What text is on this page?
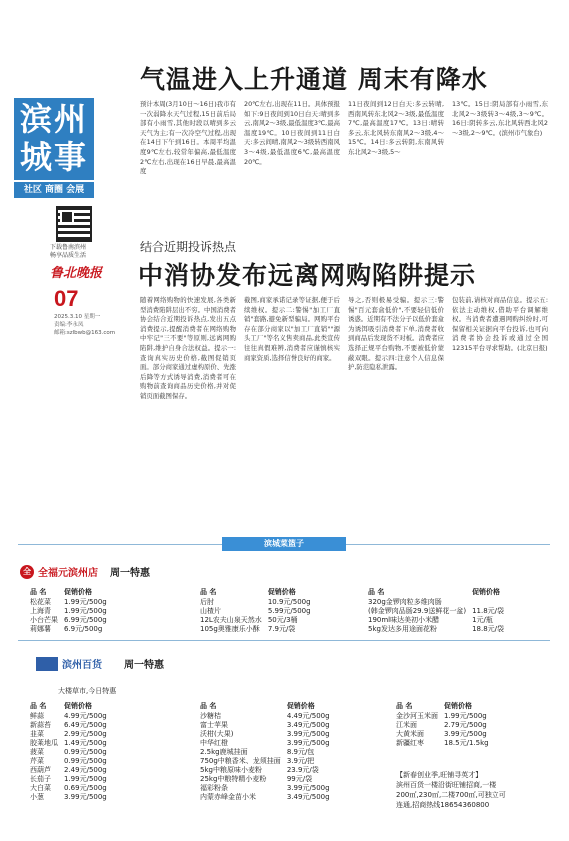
滨州
城事
社区 商圈 会展
下载鲁南滨州
畅享品质生活
鲁北晚报
07
2025.3.10 星期一
责编:李永凤
邮箱:szlbwb@163.com
气温进入上升通道 周末有降水
预计本周(3月10日～16日)我市有一次弱降水天气过程,15日前后局部有小雨雪,其他时段以晴到多云天气为主;有一次冷空气过程,出现在14日下午到16日。本周平均温度9℃左右,较常年偏高,最低温度2℃左右,出现在16日早晨,最高温度
20℃左右,出现在11日。具体预报如下:9日夜间到10日白天:晴到多云,南风2～3级,最低温度3℃,最高温度19℃。10日夜间到11日白天:多云间晴,南风2～3级转西南风3～4级,最低温度6℃,最高温度20℃。
11日夜间到12日白天:多云转晴,西南风转东北风2～3级,最低温度7℃,最高温度17℃。13日:晴转多云,东北风转东南风2～3级,4～15℃。14日:多云转阴,东南风转东北风2～3级,5～
13℃。15日:阴局部有小雨雪,东北风2～3级转3～4级,3～9℃。16日:阴转多云,东北风转西北风2～3级,2～9℃。(滨州市气象台)
结合近期投诉热点
中消协发布远离网购陷阱提示
随着网络购物的快速发展,各类新型消费陷阱层出不穷。中国消费者协会结合近期投诉热点,发出五点消费提示,提醒消费者在网络购物中牢记"三不要"等原则,远离网购陷阱,维护自身合法权益。提示一:查询真实历史价格,截图促销页面。部分商家通过虚构原价、先涨后降等方式诱导消费,消费者可在购物前查询商品历史价格,并对促销页面截图保存。
截图,商家承诺记录等证据,便于后续维权。提示二:警惕"加工厂直销"套路,避免新型骗局。网购平台存在部分商家以"加工厂直销""源头工厂"等名义售卖商品,此类宣传往往真假难辨,消费者应谨慎核实商家资质,选择信誉良好的商家。
导之,否则极易受骗。提示三:警惕"百元套盒低价",不要轻信低价诱惑。近期有不法分子以低价套盒为诱饵吸引消费者下单,消费者收到商品后发现货不对板。消费者应选择正规平台购物,不要被低价蒙蔽双眼。提示四:注意个人信息保护,防范隐私泄露。
包装前,请核对商品信息。提示五:依法主动维权,借助平台调解维权。当消费者遭遇网购纠纷时,可保留相关证据向平台投诉,也可向消费者协会投诉或通过全国12315平台寻求帮助。(北京日报)
滨城菜篮子
全 全福元滨州店 周一特惠
品 名	促销价格
松花菜	1.99元/500g
上海青	1.99元/500g
小台芒果	6.99元/500g
莉娜薯	6.9元/500g
品 名	促销价格
后肘	10.9元/500g
山楂片	5.99元/500g
12L农夫山泉天然水	50元/3桶
105g奥雅康乐小酥	7.9元/袋
品 名	促销价格
320g金锣肉粒多维肉肠	
(韩金锣肉品肠29.9送鲜花一盆)	11.8元/袋
190ml味达美初小米醋	1元/瓶
5kg发达多用途面花粉	18.8元/袋
滨州百货 周一特惠
大楼草市,今日特惠
品 名	促销价格
鲜蒜	4.99元/500g
新蒜苔	6.49元/500g
韭菜	2.99元/500g
胶莱地瓜	1.49元/500g
菠菜	0.99元/500g
芹菜	0.99元/500g
西葫芦	2.49元/500g
长茄子	1.99元/500g
大白菜	0.69元/500g
小葱	3.99元/500g
品 名	促销价格
沙糖桔	4.49元/500g
富士苹果	3.49元/500g
沃柑(大果)	3.99元/500g
中华红橙	3.99元/500g
2.5kg鹿城挂面	8.9元/包
750g中粮香米、龙须挂面	3.9元/把
5kg中粮原味小麦粉	23.9元/袋
25kg中粮特精小麦粉	99元/袋
福彩粉条	3.99元/500g
内蒙赤峰金苗小米	3.49元/500g
品 名	促销价格
金沙河玉米面	1.99元/500g
江米面	2.79元/500g
大黄米面	3.99元/500g
新疆红枣	18.5元/1.5kg
【新春创业季,旺铺寻英才】
滨州百货一楼沿街旺铺招商,一楼
200㎡,230㎡,二楼700㎡,可独立可
连通,招商热线18654360800
